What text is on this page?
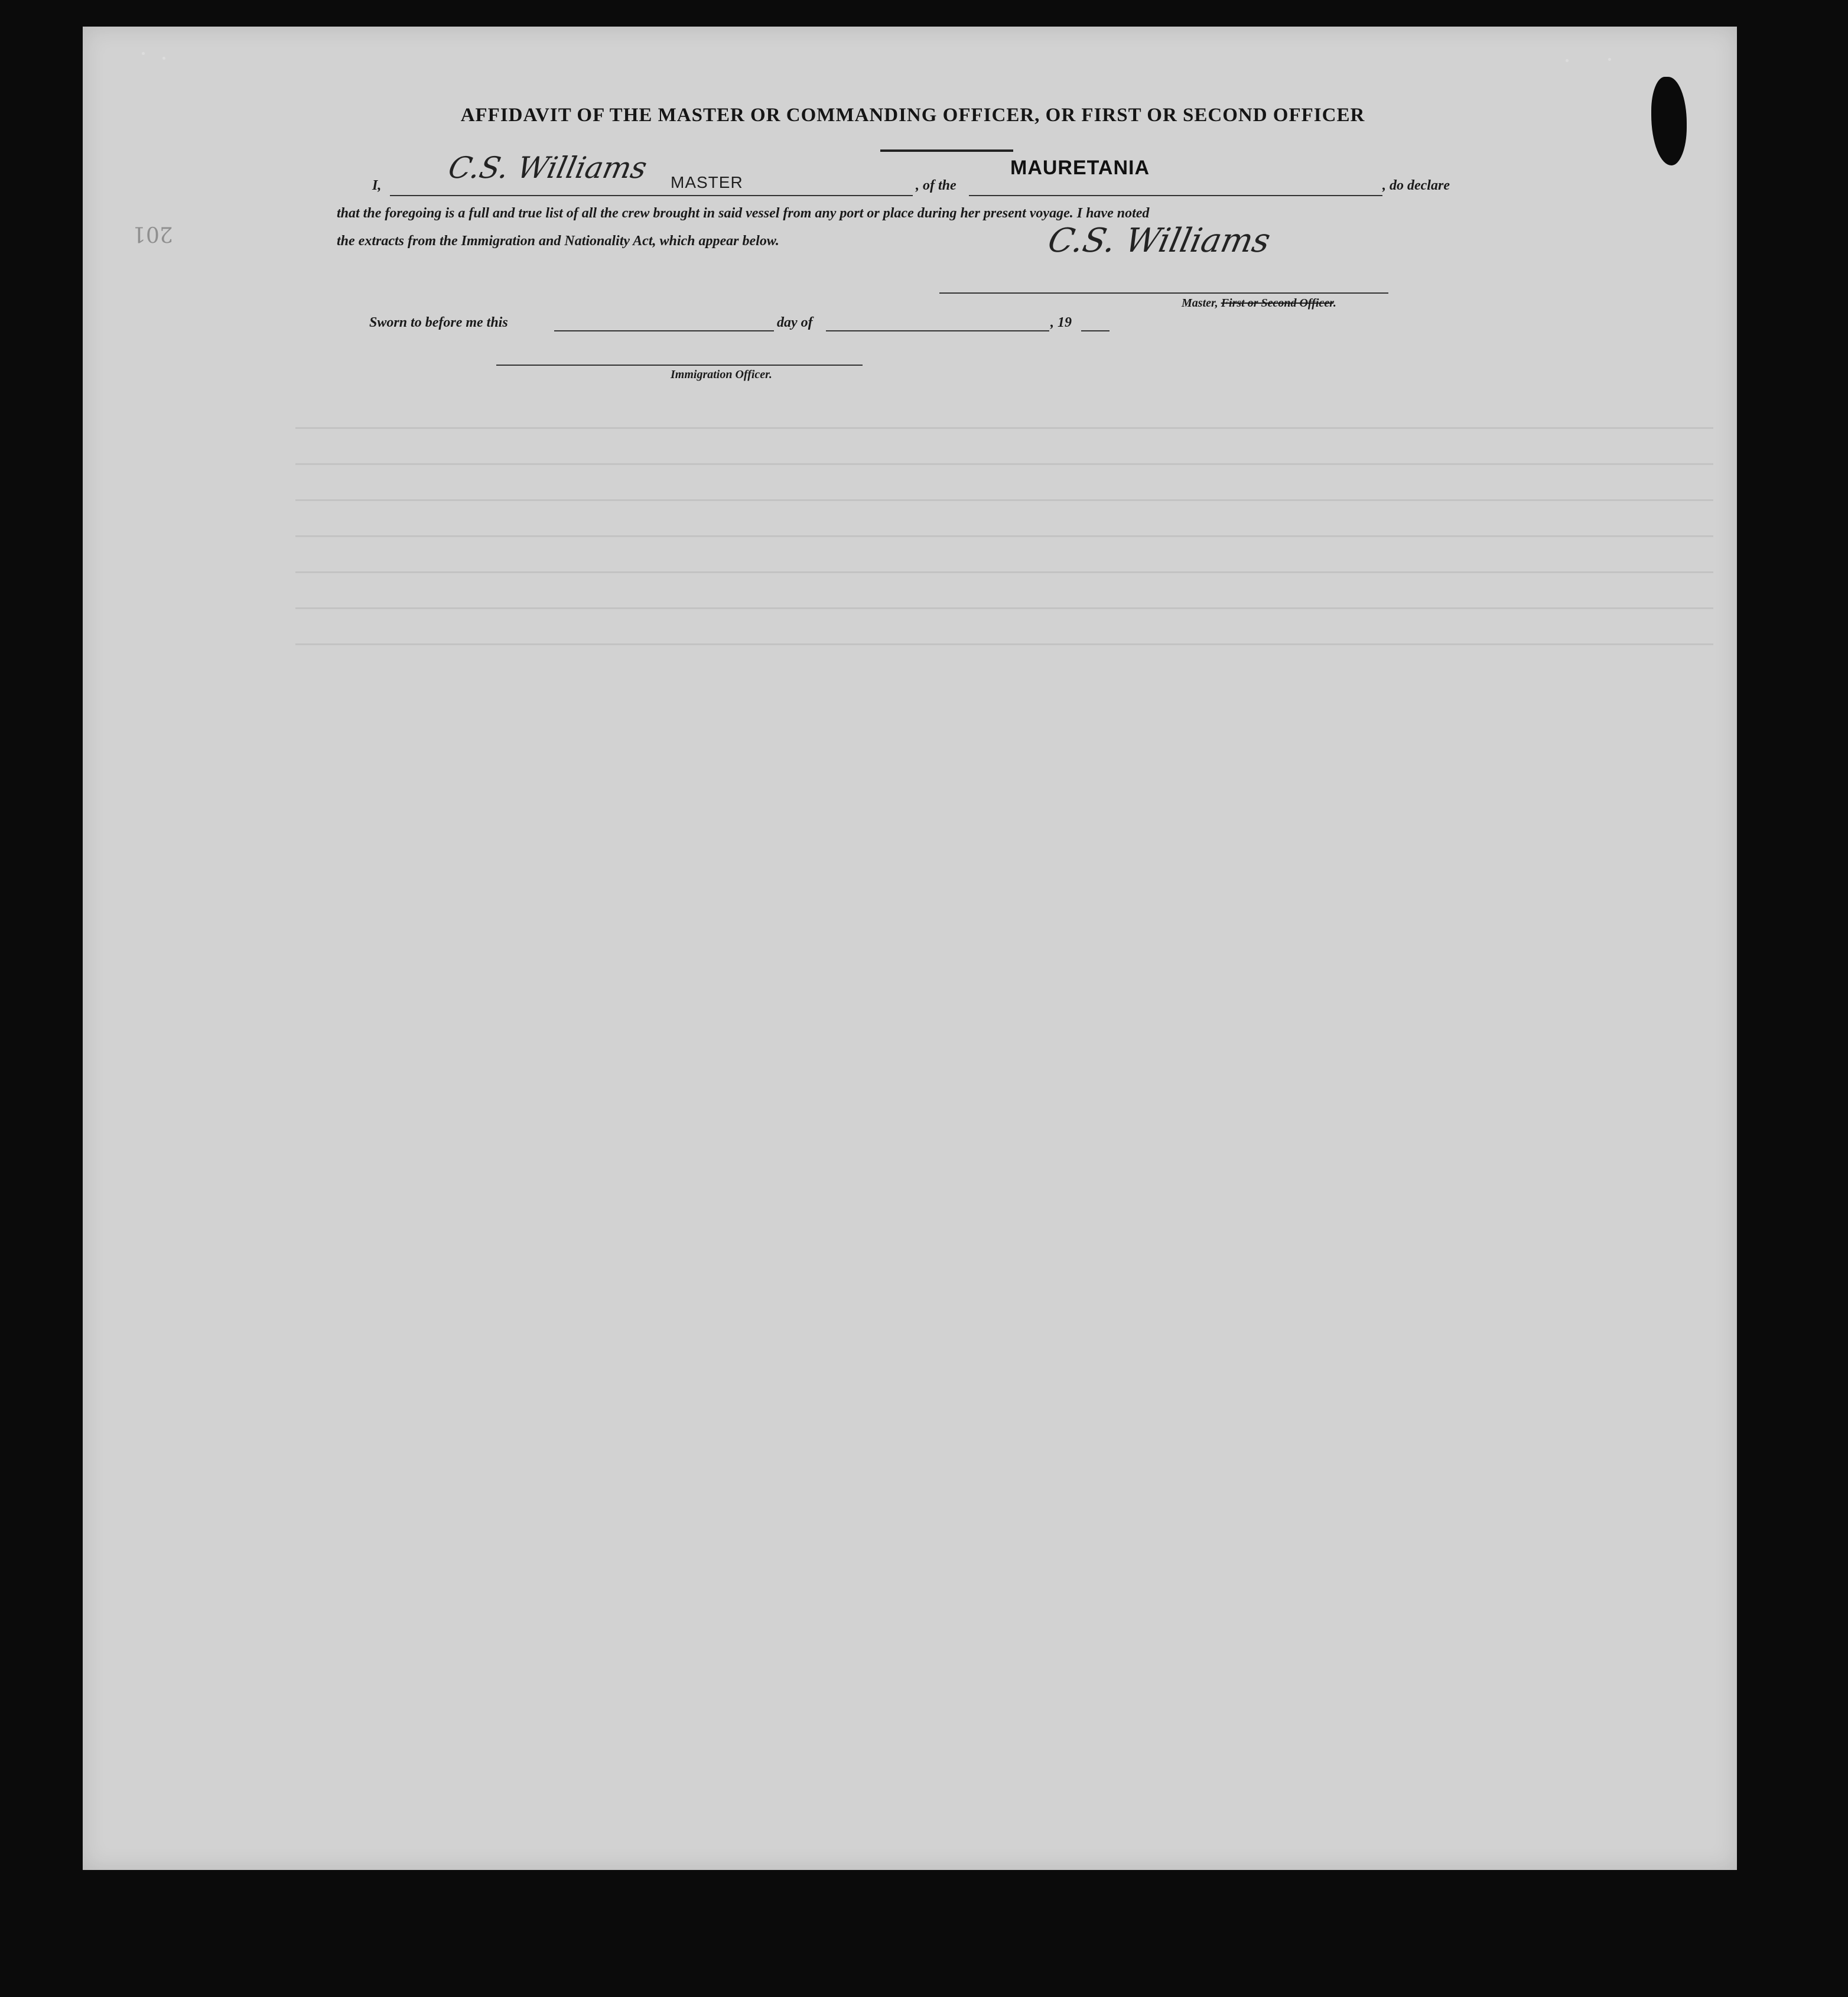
AFFIDAVIT OF THE MASTER OR COMMANDING OFFICER, OR FIRST OR SECOND OFFICER
I,
C.S. Williams MASTER	, of the
MAURETANIA
, do declare
that the foregoing is a full and true list of all the crew brought in said vessel from any port or place during her present voyage. I have noted
the extracts from the Immigration and Nationality Act, which appear below.	C.S. Williams
Master, First or Second Officer.
Sworn to before me this	day of	, 19
Immigration Officer.
201
